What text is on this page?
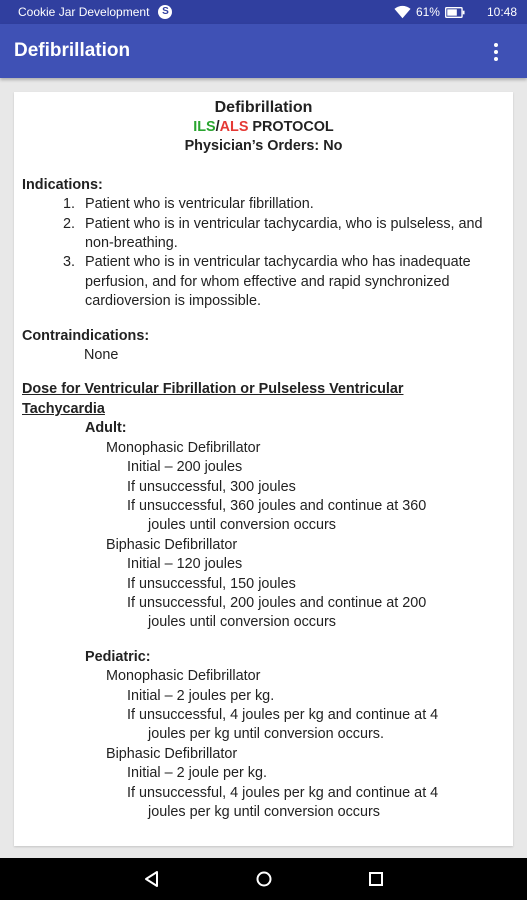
Cookie Jar Development	S	61%	10:48
Defibrillation
Defibrillation
ILS/ALS PROTOCOL
Physician’s Orders: No
Indications:
1. Patient who is ventricular fibrillation.
2. Patient who is in ventricular tachycardia, who is pulseless, and non-breathing.
3. Patient who is in ventricular tachycardia who has inadequate perfusion, and for whom effective and rapid synchronized cardioversion is impossible.
Contraindications:
None
Dose for Ventricular Fibrillation or Pulseless Ventricular
Tachycardia
Adult:
Monophasic Defibrillator
Initial – 200 joules
If unsuccessful, 300 joules
If unsuccessful, 360 joules and continue at 360
joules until conversion occurs
Biphasic Defibrillator
Initial – 120 joules
If unsuccessful, 150 joules
If unsuccessful, 200 joules and continue at 200
joules until conversion occurs
Pediatric:
Monophasic Defibrillator
Initial – 2 joules per kg.
If unsuccessful, 4 joules per kg and continue at 4
joules per kg until conversion occurs.
Biphasic Defibrillator
Initial – 2 joule per kg.
If unsuccessful, 4 joules per kg and continue at 4
joules per kg until conversion occurs
